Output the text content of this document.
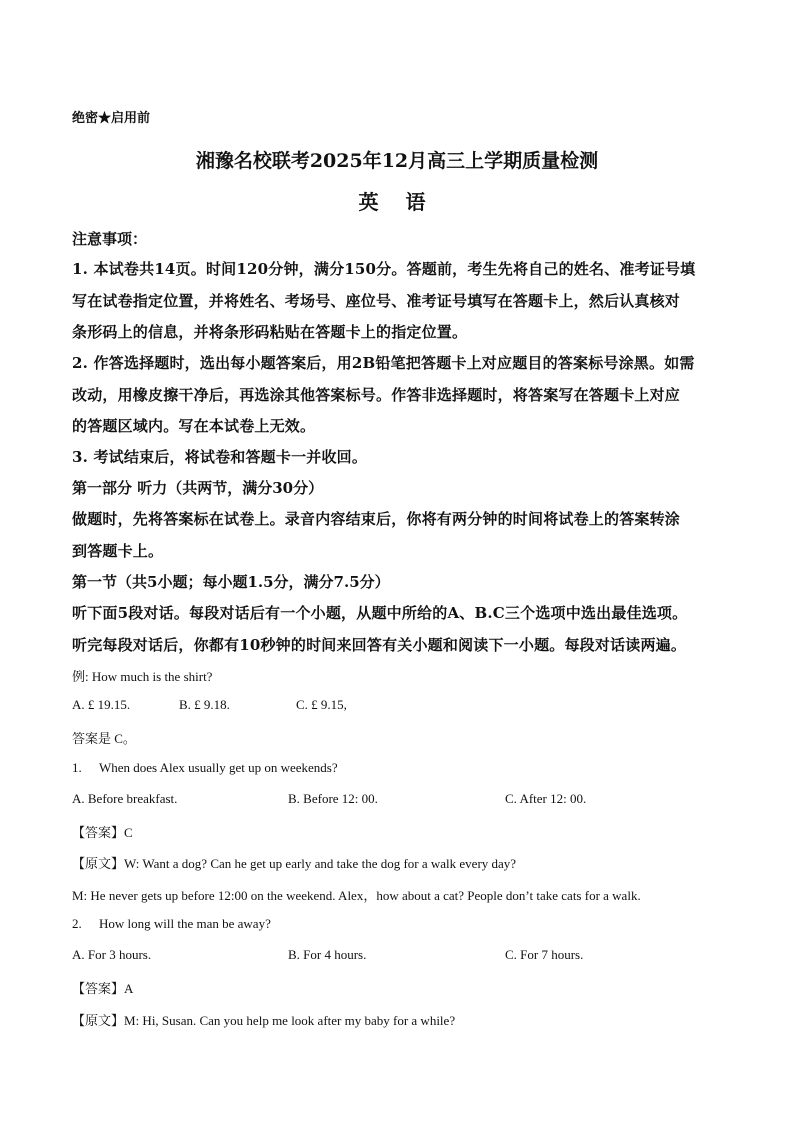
绝密★启用前
湘豫名校联考2025年12月高三上学期质量检测
英 语
注意事项：
1. 本试卷共14页。时间120分钟，满分150分。答题前，考生先将自己的姓名、准考证号填
写在试卷指定位置，并将姓名、考场号、座位号、准考证号填写在答题卡上，然后认真核对
条形码上的信息，并将条形码粘贴在答题卡上的指定位置。
2. 作答选择题时，选出每小题答案后，用2B铅笔把答题卡上对应题目的答案标号涂黑。如需
改动，用橡皮擦干净后，再选涂其他答案标号。作答非选择题时，将答案写在答题卡上对应
的答题区域内。写在本试卷上无效。
3. 考试结束后，将试卷和答题卡一并收回。
第一部分 听力（共两节，满分30分）
做题时，先将答案标在试卷上。录音内容结束后，你将有两分钟的时间将试卷上的答案转涂
到答题卡上。
第一节（共5小题；每小题1.5分，满分7.5分）
听下面5段对话。每段对话后有一个小题，从题中所给的A、B.C三个选项中选出最佳选项。
听完每段对话后，你都有10秒钟的时间来回答有关小题和阅读下一小题。每段对话读两遍。
例: How much is the shirt?
A. £ 19.15.	B. £ 9.18.	C. £ 9.15,
答案是 C。
1. When does Alex usually get up on weekends?
A. Before breakfast.	B. Before 12: 00.	C. After 12: 00.
【答案】C
【原文】W: Want a dog? Can he get up early and take the dog for a walk every day?
M: He never gets up before 12:00 on the weekend. Alex，how about a cat? People don’t take cats for a walk.
2. How long will the man be away?
A. For 3 hours.	B. For 4 hours.	C. For 7 hours.
【答案】A
【原文】M: Hi, Susan. Can you help me look after my baby for a while?
